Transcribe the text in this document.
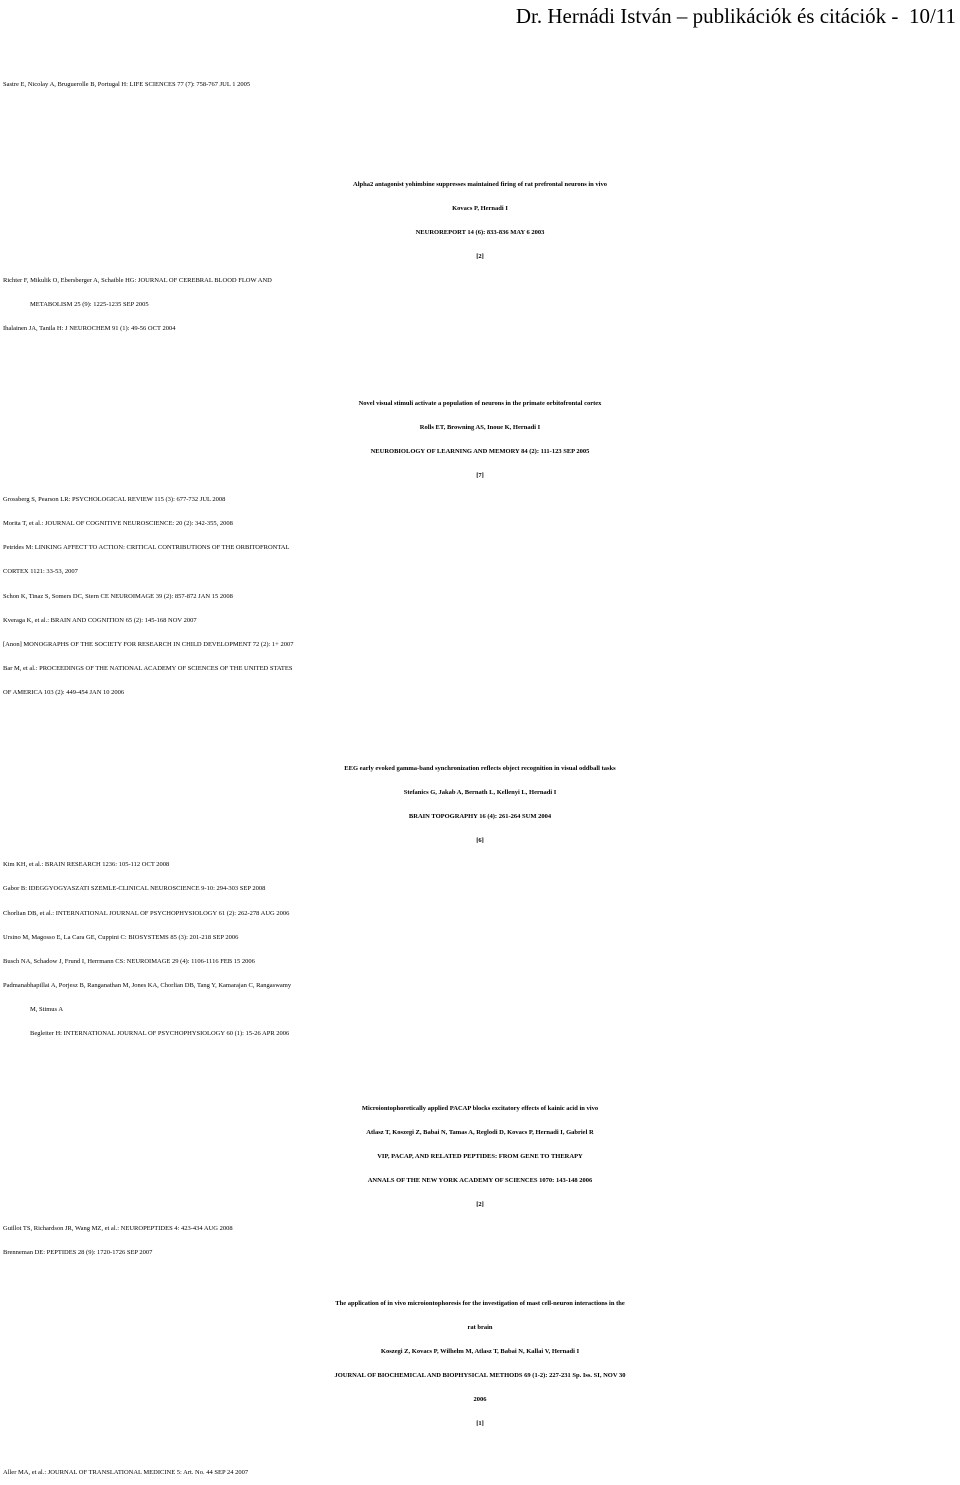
Dr. Hernádi István – publikációk és citációk - 10/11
Sastre E, Nicolay A, Bruguerolle B, Portugal H: LIFE SCIENCES 77 (7): 758-767 JUL 1 2005
Alpha2 antagonist yohimbine suppresses maintained firing of rat prefrontal neurons in vivo
Kovacs P, Hernadi I
NEUROREPORT 14 (6): 833-836 MAY 6 2003
[2]
Richter F, Mikulik O, Ebersberger A, Schaible HG: JOURNAL OF CEREBRAL BLOOD FLOW AND
METABOLISM 25 (9): 1225-1235 SEP 2005
Ihalainen JA, Tanila H: J NEUROCHEM 91 (1): 49-56 OCT 2004
Novel visual stimuli activate a population of neurons in the primate orbitofrontal cortex
Rolls ET, Browning AS, Inoue K, Hernadi I
NEUROBIOLOGY OF LEARNING AND MEMORY 84 (2): 111-123 SEP 2005
[7]
Grossberg S, Pearson LR: PSYCHOLOGICAL REVIEW 115 (3): 677-732 JUL 2008
Morita T, et al.: JOURNAL OF COGNITIVE NEUROSCIENCE: 20 (2): 342-355, 2008
Petrides M: LINKING AFFECT TO ACTION: CRITICAL CONTRIBUTIONS OF THE ORBITOFRONTAL
CORTEX 1121: 33-53, 2007
Schon K, Tinaz S, Somers DC, Stern CE NEUROIMAGE 39 (2): 857-872 JAN 15 2008
Kveraga K, et al.: BRAIN AND COGNITION 65 (2): 145-168 NOV 2007
[Anon] MONOGRAPHS OF THE SOCIETY FOR RESEARCH IN CHILD DEVELOPMENT 72 (2): 1+ 2007
Bar M, et al.: PROCEEDINGS OF THE NATIONAL ACADEMY OF SCIENCES OF THE UNITED STATES
OF AMERICA 103 (2): 449-454 JAN 10 2006
EEG early evoked gamma-band synchronization reflects object recognition in visual oddball tasks
Stefanics G, Jakab A, Bernath L, Kellenyi L, Hernadi I
BRAIN TOPOGRAPHY 16 (4): 261-264 SUM 2004
[6]
Kim KH, et al.: BRAIN RESEARCH 1236: 105-112 OCT 2008
Gabor B: IDEGGYOGYASZATI SZEMLE-CLINICAL NEUROSCIENCE 9-10: 294-303 SEP 2008
Chorlian DB, et al.: INTERNATIONAL JOURNAL OF PSYCHOPHYSIOLOGY 61 (2): 262-278 AUG 2006
Ursino M, Magosso E, La Cara GE, Cuppini C: BIOSYSTEMS 85 (3): 201-218 SEP 2006
Busch NA, Schadow J, Frund I, Herrmann CS: NEUROIMAGE 29 (4): 1106-1116 FEB 15 2006
Padmanabhapillai A, Porjesz B, Ranganathan M, Jones KA, Chorlian DB, Tang Y, Kamarajan C, Rangaswamy
M, Stimus A
Begleiter H: INTERNATIONAL JOURNAL OF PSYCHOPHYSIOLOGY 60 (1): 15-26 APR 2006
Microiontophoretically applied PACAP blocks excitatory effects of kainic acid in vivo
Atlasz T, Koszegi Z, Babai N, Tamas A, Reglodi D, Kovacs P, Hernadi I, Gabriel R
VIP, PACAP, AND RELATED PEPTIDES: FROM GENE TO THERAPY
ANNALS OF THE NEW YORK ACADEMY OF SCIENCES 1070: 143-148 2006
[2]
Guillot TS, Richardson JR, Wang MZ, et al.: NEUROPEPTIDES 4: 423-434 AUG 2008
Brenneman DE: PEPTIDES 28 (9): 1720-1726 SEP 2007
The application of in vivo microiontophoresis for the investigation of mast cell-neuron interactions in the
rat brain
Koszegi Z, Kovacs P, Wilhelm M, Atlasz T, Babai N, Kallai V, Hernadi I
JOURNAL OF BIOCHEMICAL AND BIOPHYSICAL METHODS 69 (1-2): 227-231 Sp. Iss. SI, NOV 30
2006
[1]
Aller MA, et al.: JOURNAL OF TRANSLATIONAL MEDICINE 5: Art. No. 44 SEP 24 2007
